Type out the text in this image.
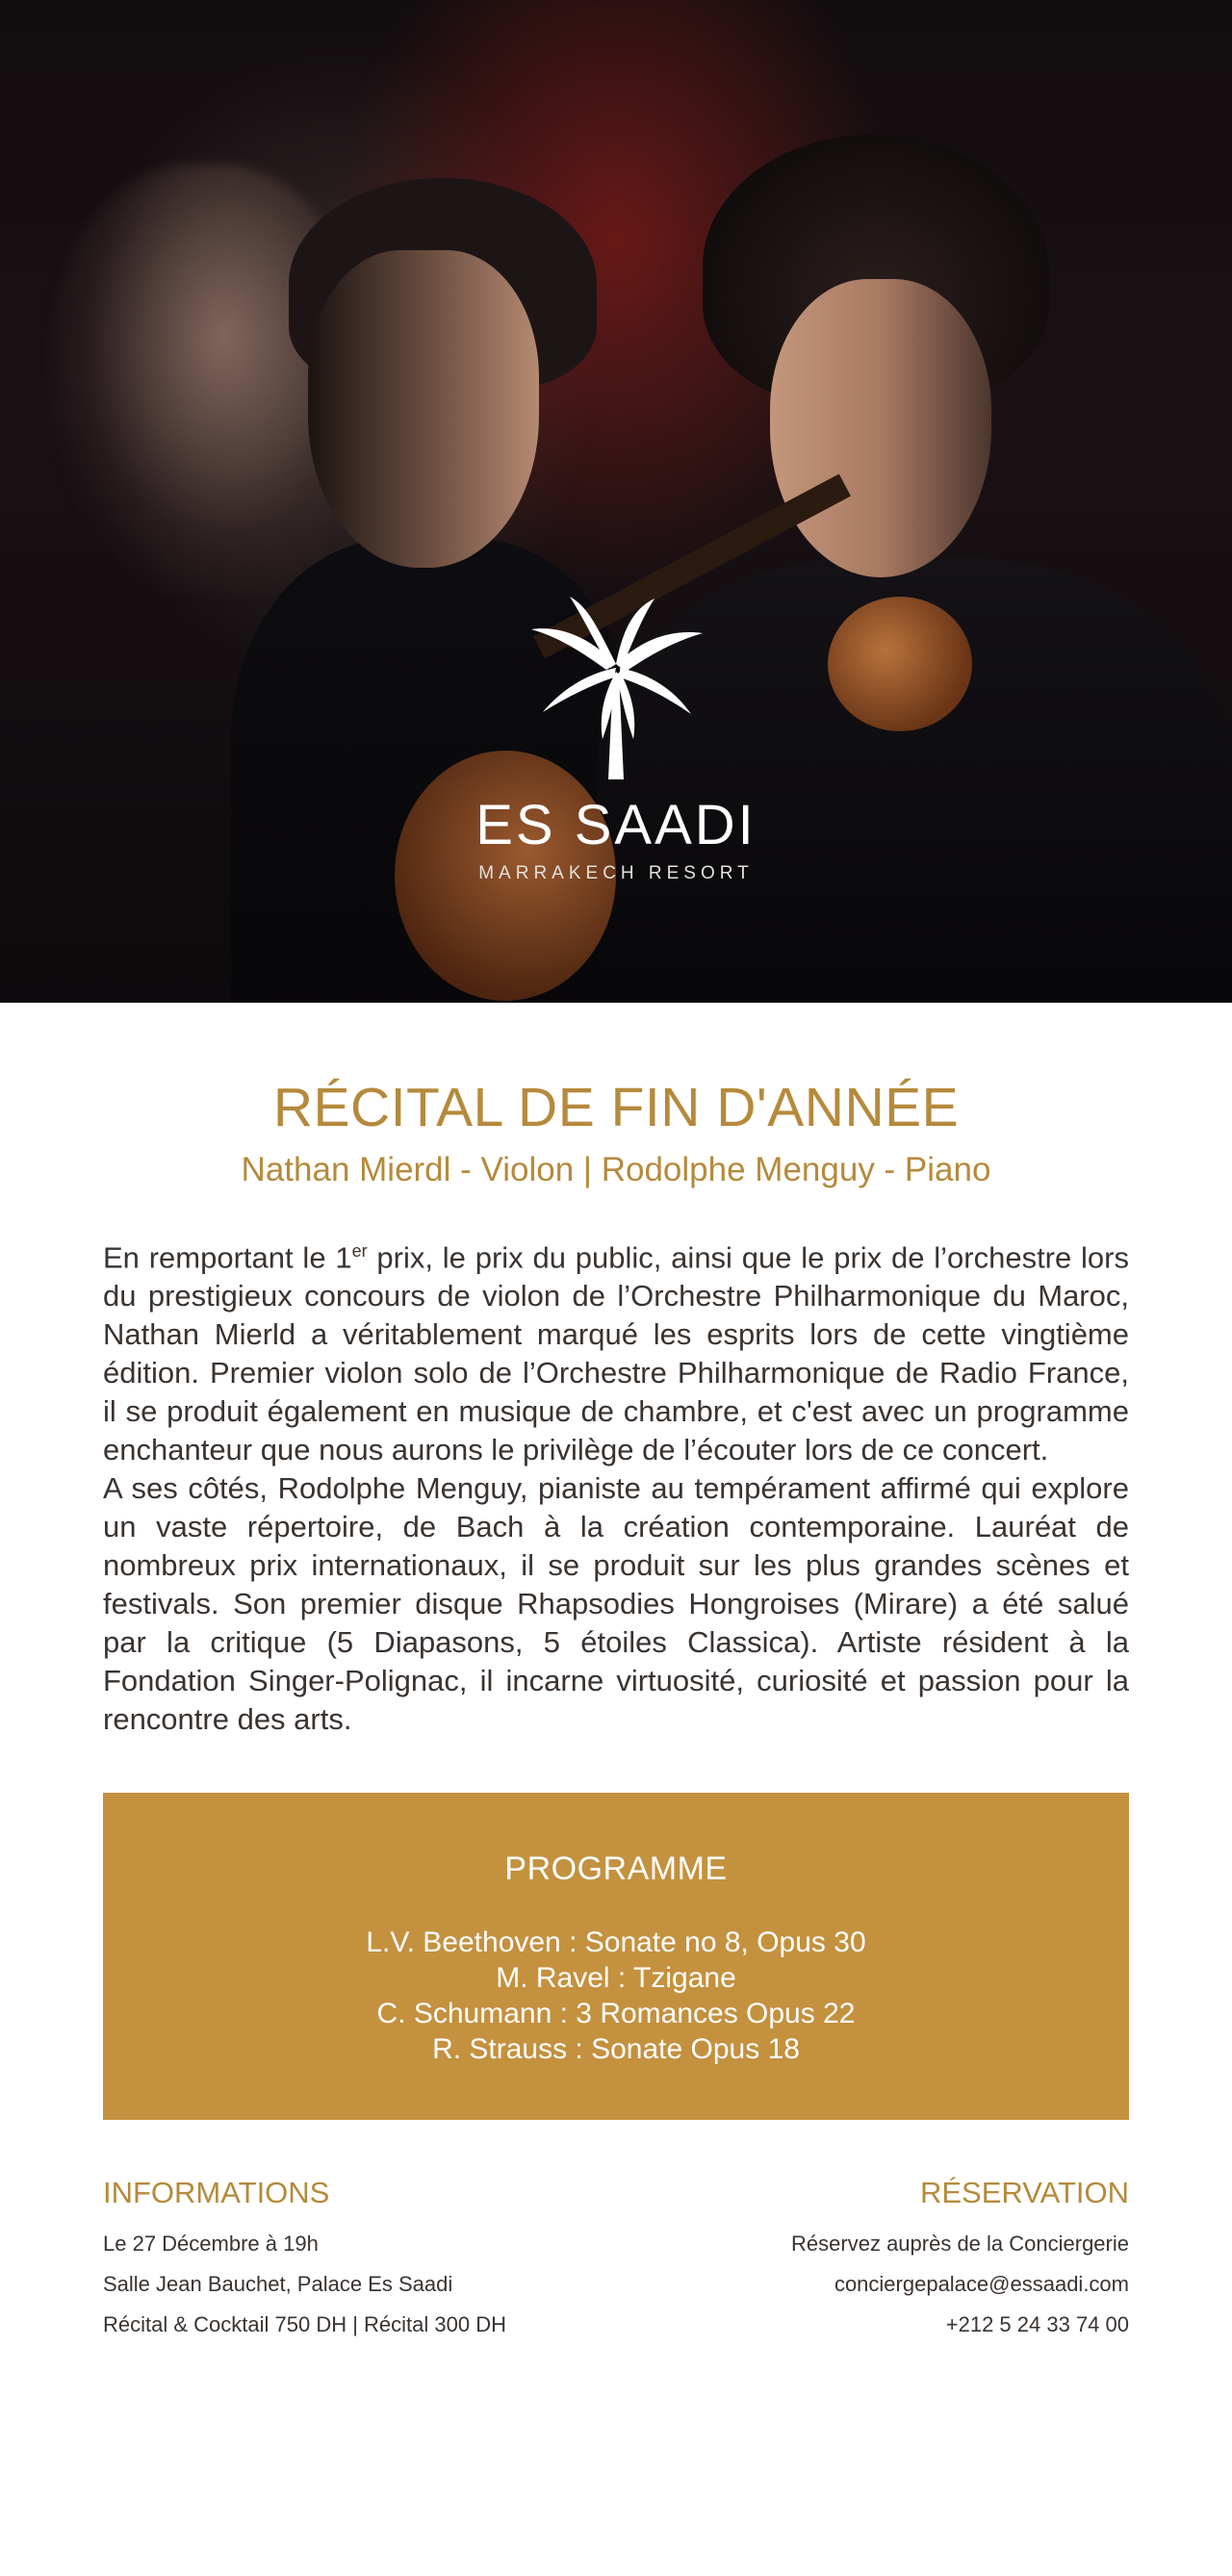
ES SAADI
MARRAKECH RESORT
RÉCITAL DE FIN D'ANNÉE
Nathan Mierdl - Violon | Rodolphe Menguy - Piano

En remportant le 1er prix, le prix du public, ainsi que le prix de l’orchestre lors du prestigieux concours de violon de l’Orchestre Philharmonique du Maroc, Nathan Mierld a véritablement marqué les esprits lors de cette vingtième édition. Premier violon solo de l’Orchestre Philharmonique de Radio France, il se produit également en musique de chambre, et c'est avec un programme enchanteur que nous aurons le privilège de l’écouter lors de ce concert.

A ses côtés, Rodolphe Menguy, pianiste au tempérament affirmé qui explore un vaste répertoire, de Bach à la création contemporaine. Lauréat de nombreux prix internationaux, il se produit sur les plus grandes scènes et festivals. Son premier disque Rhapsodies Hongroises (Mirare) a été salué par la critique (5 Diapasons, 5 étoiles Classica). Artiste résident à la Fondation Singer-Polignac, il incarne virtuosité, curiosité et passion pour la rencontre des arts.

PROGRAMME
L.V. Beethoven : Sonate no 8, Opus 30
M. Ravel : Tzigane
C. Schumann : 3 Romances Opus 22
R. Strauss : Sonate Opus 18
INFORMATIONS
Le 27 Décembre à 19h
Salle Jean Bauchet, Palace Es Saadi
Récital & Cocktail 750 DH | Récital 300 DH
RÉSERVATION
Réservez auprès de la Conciergerie
conciergepalace@essaadi.com
+212 5 24 33 74 00
